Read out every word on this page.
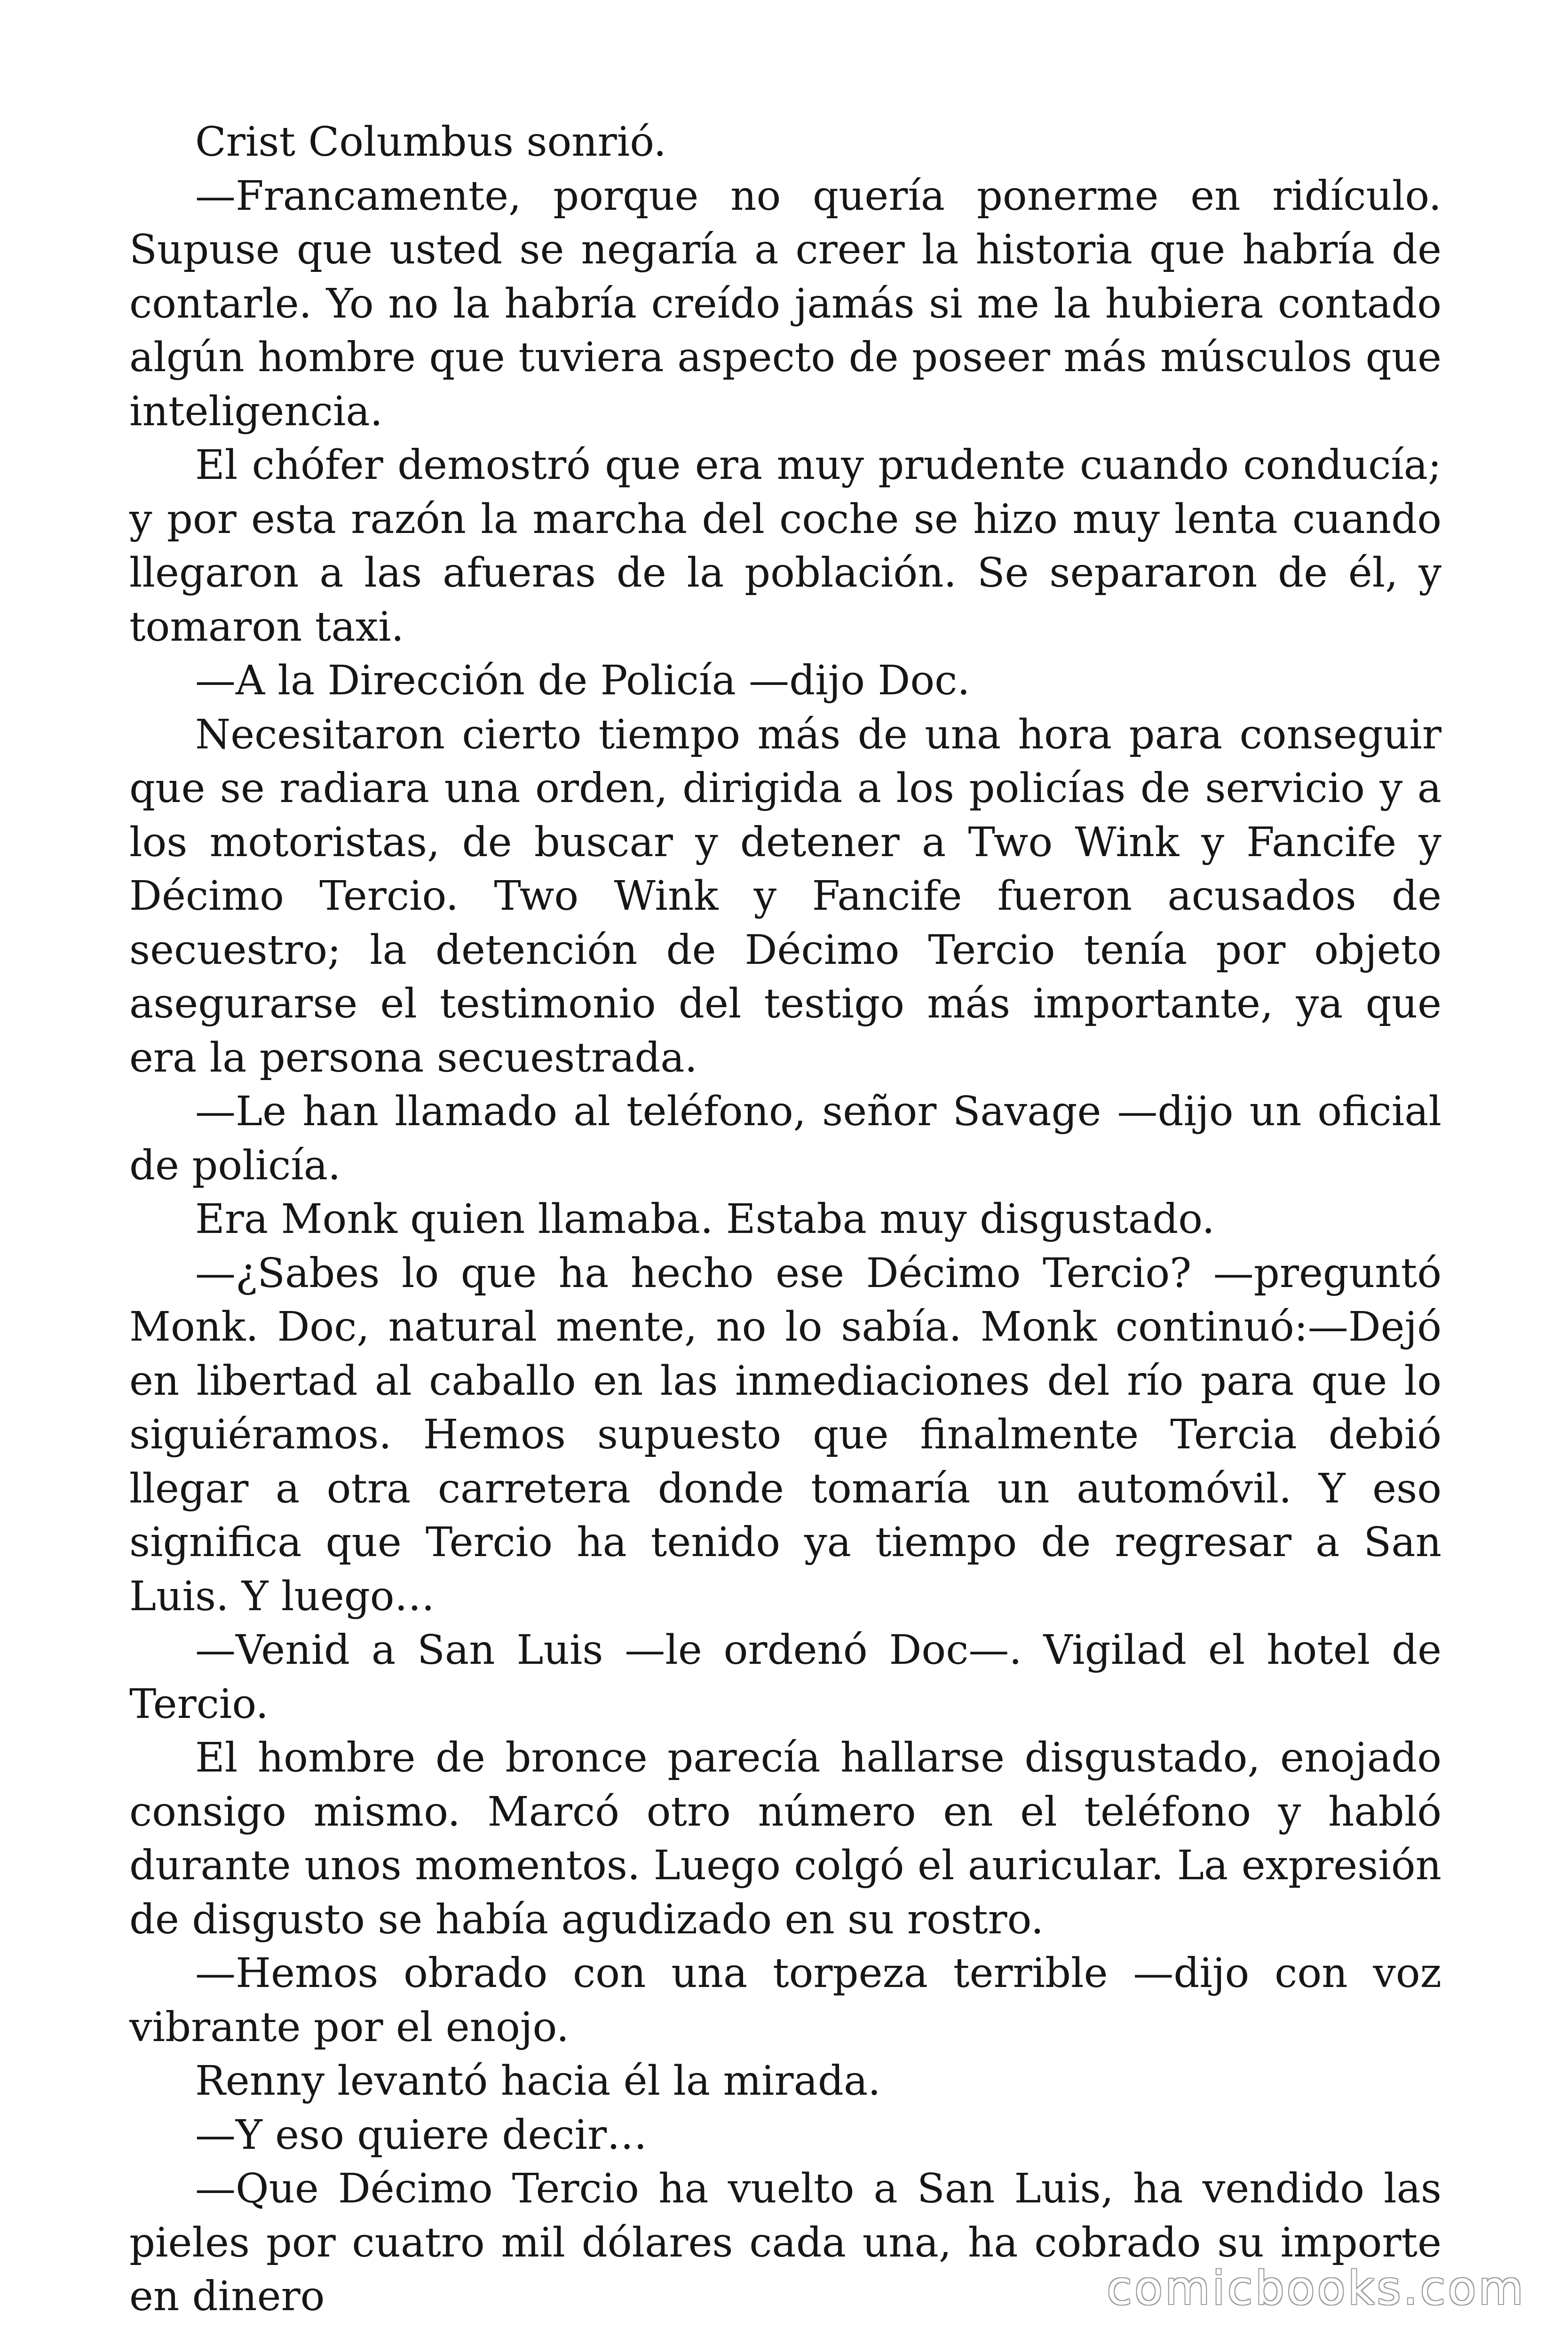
Crist Columbus sonrió.

—Francamente, porque no quería ponerme en ridículo. Supuse que usted se negaría a creer la historia que habría de contarle. Yo no la habría creído jamás si me la hubiera contado algún hombre que tuviera aspecto de poseer más músculos que inteligencia.

El chófer demostró que era muy prudente cuando conducía; y por esta razón la marcha del coche se hizo muy lenta cuando llegaron a las afueras de la población. Se separaron de él, y tomaron taxi.

—A la Dirección de Policía —dijo Doc.

Necesitaron cierto tiempo más de una hora para conseguir que se radiara una orden, dirigida a los policías de servicio y a los motoristas, de buscar y detener a Two Wink y Fancife y Décimo Tercio. Two Wink y Fancife fueron acusados de secuestro; la detención de Décimo Tercio tenía por objeto asegurarse el testimonio del testigo más importante, ya que era la persona secuestrada.

—Le han llamado al teléfono, señor Savage —dijo un oficial de policía.

Era Monk quien llamaba. Estaba muy disgustado.

—¿Sabes lo que ha hecho ese Décimo Tercio? —preguntó Monk. Doc, natural mente, no lo sabía. Monk continuó:—Dejó en libertad al caballo en las inmediaciones del río para que lo siguiéramos. Hemos supuesto que finalmente Tercia debió llegar a otra carretera donde tomaría un automóvil. Y eso significa que Tercio ha tenido ya tiempo de regresar a San Luis. Y luego…

—Venid a San Luis —le ordenó Doc—. Vigilad el hotel de Tercio.

El hombre de bronce parecía hallarse disgustado, enojado consigo mismo. Marcó otro número en el teléfono y habló durante unos momentos. Luego colgó el auricular. La expresión de disgusto se había agudizado en su rostro.

—Hemos obrado con una torpeza terrible —dijo con voz vibrante por el enojo.

Renny levantó hacia él la mirada.

—Y eso quiere decir…

—Que Décimo Tercio ha vuelto a San Luis, ha vendido las pieles por cuatro mil dólares cada una, ha cobrado su importe en dinero	comicbooks.com
